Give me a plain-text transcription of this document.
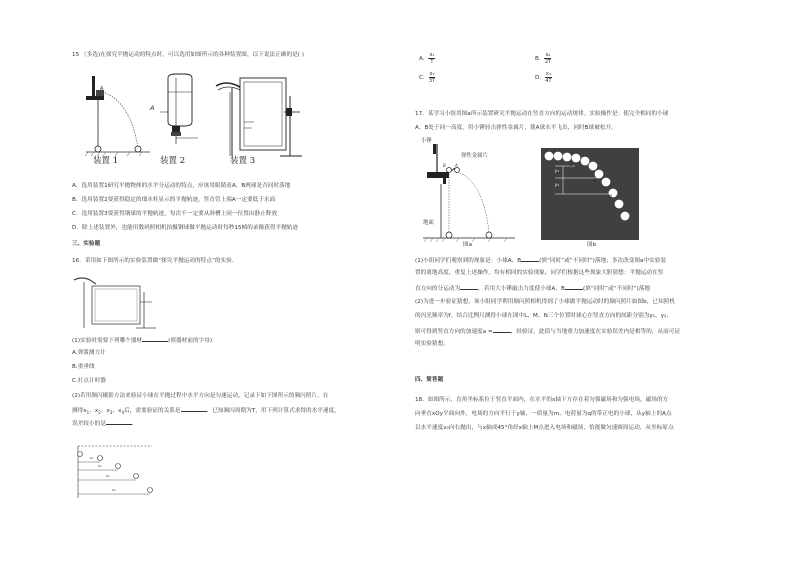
15 （多选)在探究平抛运动的特点时，可以选用如图所示的各种装置图，以下说法正确的是( )
B A
A
装置 1	装置 2	装置 3
A．选用装置1研究平抛物体的水平分运动的特点，应该用眼睛看A、B两球是否同时落地
B．选用装置2要获得稳定的细水柱显示的平抛轨迹，竖直管上端A一定要低于水面
C．选用装置3要获得钢球的平抛轨迹，每次不一定要从斜槽上同一位置由静止释放
D．除上述装置外，也能用数码照相机拍摄钢球做平抛运动时每秒15帧的录像获得平抛轨迹
三、实验题
16．采用如下图所示的实验装置做“探究平抛运动的特点”的实验．
(1)实验时需要下列哪个器材	(填器材前的字母)
A.弹簧测力计
B.重垂线
C.打点计时器
(2)若用频闪摄影方法来验证小球在平抛过程中水平方向是匀速运动，记录下如下图所示的频闪照片，在
测得$x_1$、$x_2$、$x_3$、$x_4$后，需要验证的关系是	．已知频闪周期为T，用下列计算式求得的水平速度，
误差较小的是	．
x₁
x₂
x₃
x₄
A． $\frac{\text{x₁}}{T}$	B． $\frac{\text{x₂}}{2T}$
C． $\frac{\text{x₃}}{3T}$	D． $\frac{\text{x₄}}{4T}$
17．某学习小组用图a所示装置研究平抛运动在竖直方向的运动规律。实验操作是：使完全相同的小球
A、B处于同一高度，用小锤轻击弹性金属片，使A球水平飞出，同时B球被松开。
小锤
弹性金属片
B A
地面
图a
L
M
N
y₁
y₂
图b
(1)小组同学们观察到的现象是：小球A、B	(填“同时”或“不同时”)落地；多次改变图a中实验装
置的离地高度，重复上述操作，均有相同的实验现象，同学们根据这些现象大胆猜想：平抛运动在竖
直方向的分运动为	。若用大小锤敲击力度使小球A、B	(填“同时”或“不同时”)落地
(2)为进一步验证猜想，该小组同学利用频闪照相机得到了小球做平抛运动时的频闪照片如图b，已知照机
的闪光频率为f，结合比例尺测得小球在图中L、M、N三个位置时球心在竖直方向的间距分别为y₁、y₂，
则可得到竖直方向的加速度a =	，经验证，此值与当地重力加速度在实验误差内是相等的，从而可证
明实验猜想。
四、简答题
18．如图所示，直角坐标系位于竖直平面内，在水平的x轴下方存在着匀强磁场和匀强电场，磁场的方
向垂直xOy平面向外，电场的方向平行于y轴，一质量为m、电荷量为q的带正电的小球，从y轴上的A点
以水平速度v₀向右抛出，与x轴成45°角经x轴上M点进入电场和磁场，恰能做匀速圆周运动，从坐标原点
